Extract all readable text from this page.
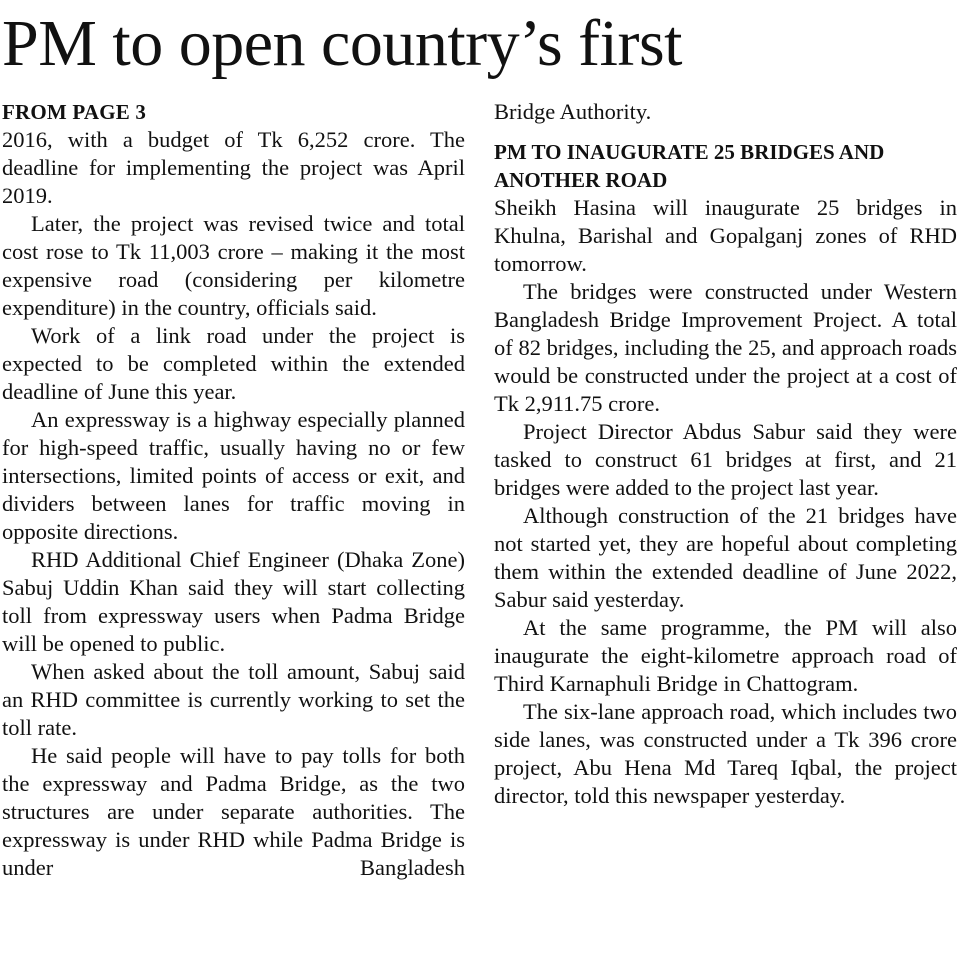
PM to open country’s first
FROM PAGE 3

2016, with a budget of Tk 6,252 crore. The deadline for implementing the project was April 2019.

Later, the project was revised twice and total cost rose to Tk 11,003 crore – making it the most expensive road (considering per kilometre expenditure) in the country, officials said.

Work of a link road under the project is expected to be completed within the extended deadline of June this year.

An expressway is a highway especially planned for high-speed traffic, usually having no or few intersections, limited points of access or exit, and dividers between lanes for traffic moving in opposite directions.

RHD Additional Chief Engineer (Dhaka Zone) Sabuj Uddin Khan said they will start collecting toll from expressway users when Padma Bridge will be opened to public.

When asked about the toll amount, Sabuj said an RHD committee is currently working to set the toll rate.

He said people will have to pay tolls for both the expressway and Padma Bridge, as the two structures are under separate authorities. The expressway is under RHD while Padma Bridge is under Bangladesh

Bridge Authority.

PM TO INAUGURATE 25 BRIDGES AND ANOTHER ROAD

Sheikh Hasina will inaugurate 25 bridges in Khulna, Barishal and Gopalganj zones of RHD tomorrow.

The bridges were constructed under Western Bangladesh Bridge Improvement Project. A total of 82 bridges, including the 25, and approach roads would be constructed under the project at a cost of Tk 2,911.75 crore.

Project Director Abdus Sabur said they were tasked to construct 61 bridges at first, and 21 bridges were added to the project last year.

Although construction of the 21 bridges have not started yet, they are hopeful about completing them within the extended deadline of June 2022, Sabur said yesterday.

At the same programme, the PM will also inaugurate the eight-kilometre approach road of Third Karnaphuli Bridge in Chattogram.

The six-lane approach road, which includes two side lanes, was constructed under a Tk 396 crore project, Abu Hena Md Tareq Iqbal, the project director, told this newspaper yesterday.
